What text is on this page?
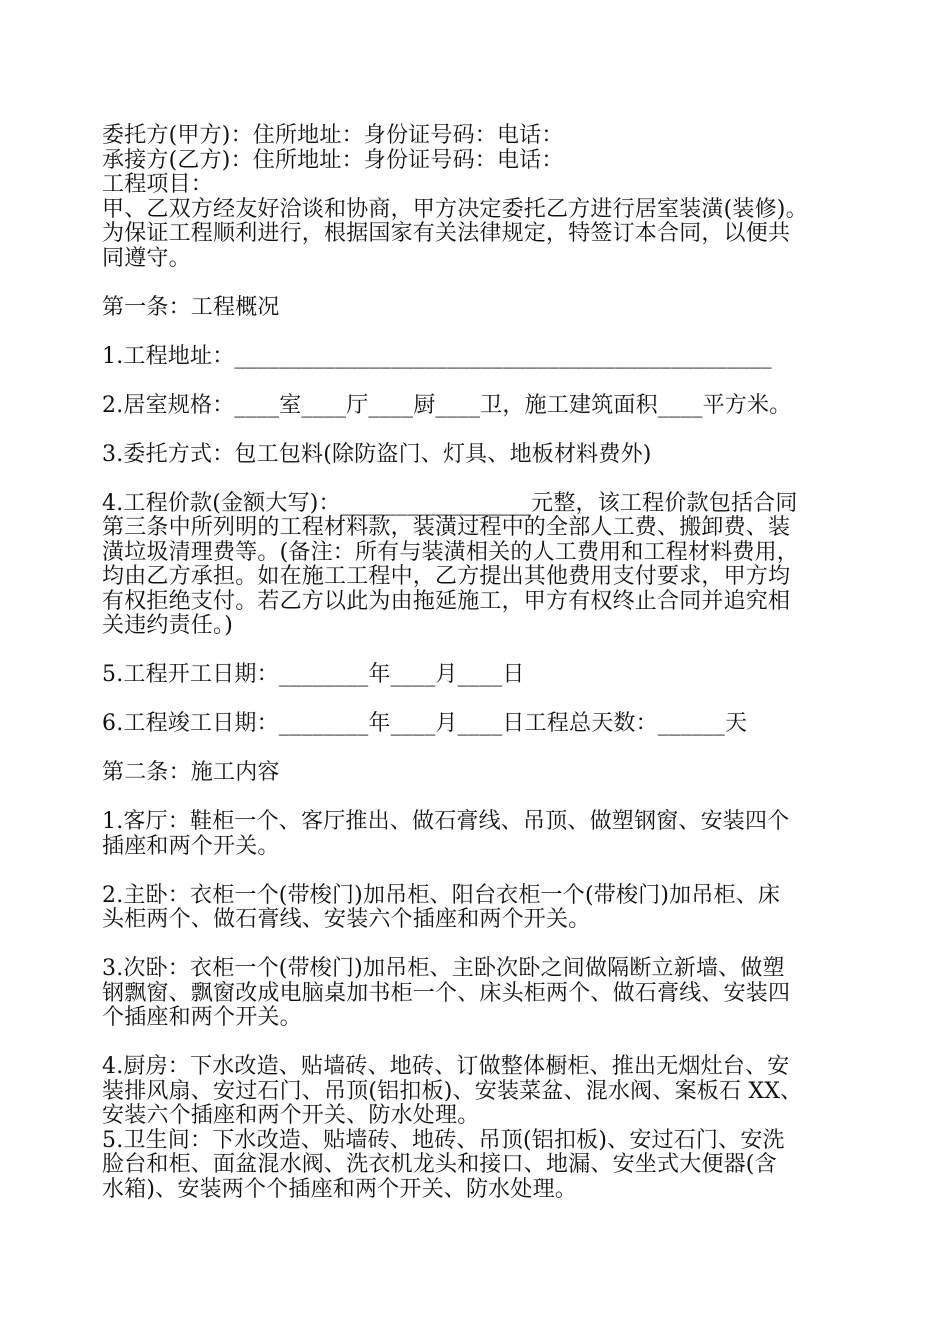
委托方(甲方)：住所地址：身份证号码：电话：

承接方(乙方)：住所地址：身份证号码：电话：

工程项目：

甲、乙双方经友好洽谈和协商，甲方决定委托乙方进行居室装潢(装修)。

为保证工程顺利进行，根据国家有关法律规定，特签订本合同，以便共

同遵守。

第一条：工程概况

1.工程地址：________________________________________________

2.居室规格：____室____厅____厨____卫，施工建筑面积____平方米。

3.委托方式：包工包料(除防盗门、灯具、地板材料费外)

4.工程价款(金额大写)：_________________元整，该工程价款包括合同

第三条中所列明的工程材料款，装潢过程中的全部人工费、搬卸费、装

潢垃圾清理费等。(备注：所有与装潢相关的人工费用和工程材料费用，

均由乙方承担。如在施工工程中，乙方提出其他费用支付要求，甲方均

有权拒绝支付。若乙方以此为由拖延施工，甲方有权终止合同并追究相

关违约责任。)

5.工程开工日期：________年____月____日

6.工程竣工日期：________年____月____日工程总天数：______天

第二条：施工内容

1.客厅：鞋柜一个、客厅推出、做石膏线、吊顶、做塑钢窗、安装四个

插座和两个开关。

2.主卧：衣柜一个(带梭门)加吊柜、阳台衣柜一个(带梭门)加吊柜、床

头柜两个、做石膏线、安装六个插座和两个开关。

3.次卧：衣柜一个(带梭门)加吊柜、主卧次卧之间做隔断立新墙、做塑

钢飘窗、飘窗改成电脑桌加书柜一个、床头柜两个、做石膏线、安装四

个插座和两个开关。

4.厨房：下水改造、贴墙砖、地砖、订做整体橱柜、推出无烟灶台、安

装排风扇、安过石门、吊顶(铝扣板)、安装菜盆、混水阀、案板石 XX、

安装六个插座和两个开关、防水处理。

5.卫生间：下水改造、贴墙砖、地砖、吊顶(铝扣板)、安过石门、安洗

脸台和柜、面盆混水阀、洗衣机龙头和接口、地漏、安坐式大便器(含

水箱)、安装两个个插座和两个开关、防水处理。
